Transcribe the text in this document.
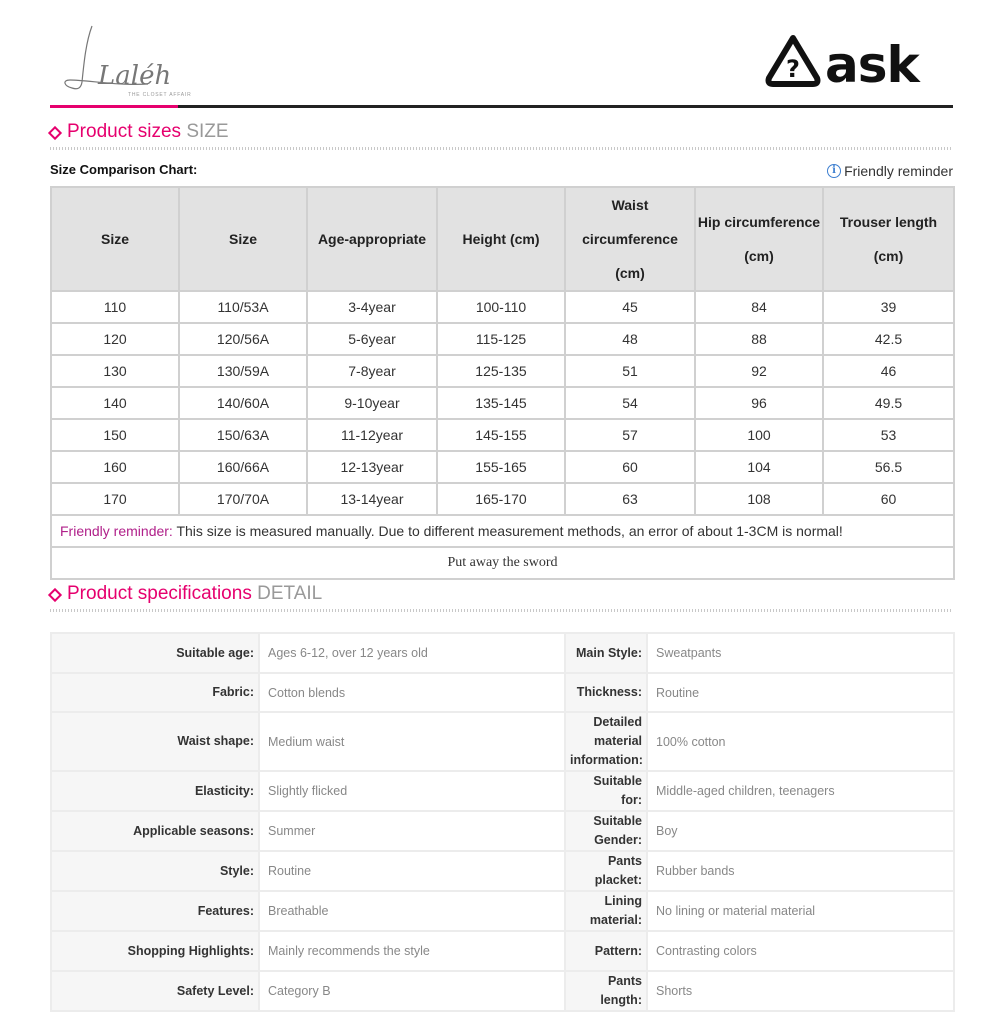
Laléh
THE CLOSET AFFAIR
? ask
Product sizes SIZE
Size Comparison Chart:	i Friendly reminder
Size	Size	Age-appropriate	Height (cm)	Waist circumference (cm)	Hip circumference (cm)	Trouser length (cm)
110	110/53A	3-4year	100-110	45	84	39
120	120/56A	5-6year	115-125	48	88	42.5
130	130/59A	7-8year	125-135	51	92	46
140	140/60A	9-10year	135-145	54	96	49.5
150	150/63A	11-12year	145-155	57	100	53
160	160/66A	12-13year	155-165	60	104	56.5
170	170/70A	13-14year	165-170	63	108	60
Friendly reminder: This size is measured manually. Due to different measurement methods, an error of about 1-3CM is normal!						
Put away the sword						
Product specifications DETAIL
Suitable age:	Ages 6-12, over 12 years old	Main Style:	Sweatpants
Fabric:	Cotton blends	Thickness:	Routine
Waist shape:	Medium waist	Detailed material information:	100% cotton
Elasticity:	Slightly flicked	Suitable for:	Middle-aged children, teenagers
Applicable seasons:	Summer	Suitable Gender:	Boy
Style:	Routine	Pants placket:	Rubber bands
Features:	Breathable	Lining material:	No lining or material material
Shopping Highlights:	Mainly recommends the style	Pattern:	Contrasting colors
Safety Level:	Category B	Pants length:	Shorts
